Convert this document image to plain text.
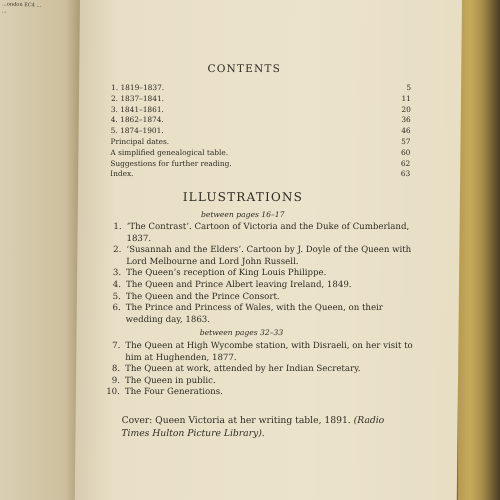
...ondon EC4 ... ...
CONTENTS
1. 1819–1837.	5
2. 1837–1841.	11
3. 1841–1861.	20
4. 1862–1874.	36
5. 1874–1901.	46
Principal dates.	57
A simplified genealogical table.	60
Suggestions for further reading.	62
Index.	63
ILLUSTRATIONS
between pages 16–17
1. ‘The Contrast’. Cartoon of Victoria and the Duke of Cumberland, 1837.
2. ‘Susannah and the Elders’. Cartoon by J. Doyle of the Queen with Lord Melbourne and Lord John Russell.
3. The Queen’s reception of King Louis Philippe.
4. The Queen and Prince Albert leaving Ireland, 1849.
5. The Queen and the Prince Consort.
6. The Prince and Princess of Wales, with the Queen, on their wedding day, 1863.
between pages 32–33
7. The Queen at High Wycombe station, with Disraeli, on her visit to him at Hughenden, 1877.
8. The Queen at work, attended by her Indian Secretary.
9. The Queen in public.
10. The Four Generations.
Cover: Queen Victoria at her writing table, 1891. (Radio Times Hulton Picture Library).
